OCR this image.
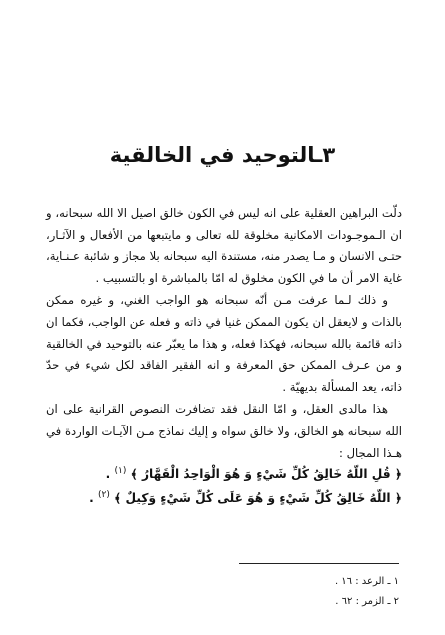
٣ـالتوحيد في الخالقية

دلّت البراهين العقلية على انه ليس في الكون خالق اصيل الا الله سبحانه، و ان الـموجـودات الامكانية مخلوقة لله تعالى و مايتبعها من الأفعال و الآثـار، حتـى الانسان و مـا يصدر منه، مستندة اليه سبحانه بلا مجاز و شائبة عـنـاية، غاية الامر أن ما في الكون مخلوق له امّا بالمباشرة او بالتسبيب .

و ذلك لـما عرفت مـن أنّه سبحانه هو الواجب الغني، و غيره ممكن بالذات و لايعقل ان يكون الممكن غنيا في ذاته و فعله عن الواجب، فكما ان ذاته قائمة بالله سبحانه، فهكذا فعله، و هذا ما يعبّر عنه بالتوحيد في الخالقية و من عـرف الممكن حق المعرفة و انه الفقير الفاقد لكل شيء في حدّ ذاته، يعد المسألة بديهيّة .

هذا مالدى العقل، و امّا النقل فقد تضافرت النصوص القرانية على ان الله سبحانه هو الخالق، ولا خالق سواه و إليك نماذج مـن الآيـات الواردة في هـذا المجال :

﴿ قُلِ اللّهُ خَالِقُ كُلِّ شَيْءٍ وَ هُوَ الْوَاحِدُ الْقَهَّارُ ﴾ $^{(١)}$ .

﴿ اللّهُ خَالِقُ كُلِّ شَيْءٍ وَ هُوَ عَلَى كُلِّ شَيْءٍ وَكِيلٌ ﴾ $^{(٢)}$ .

١ ـ الرعد : ١٦ .

٢ ـ الزمر : ٦٢ .
